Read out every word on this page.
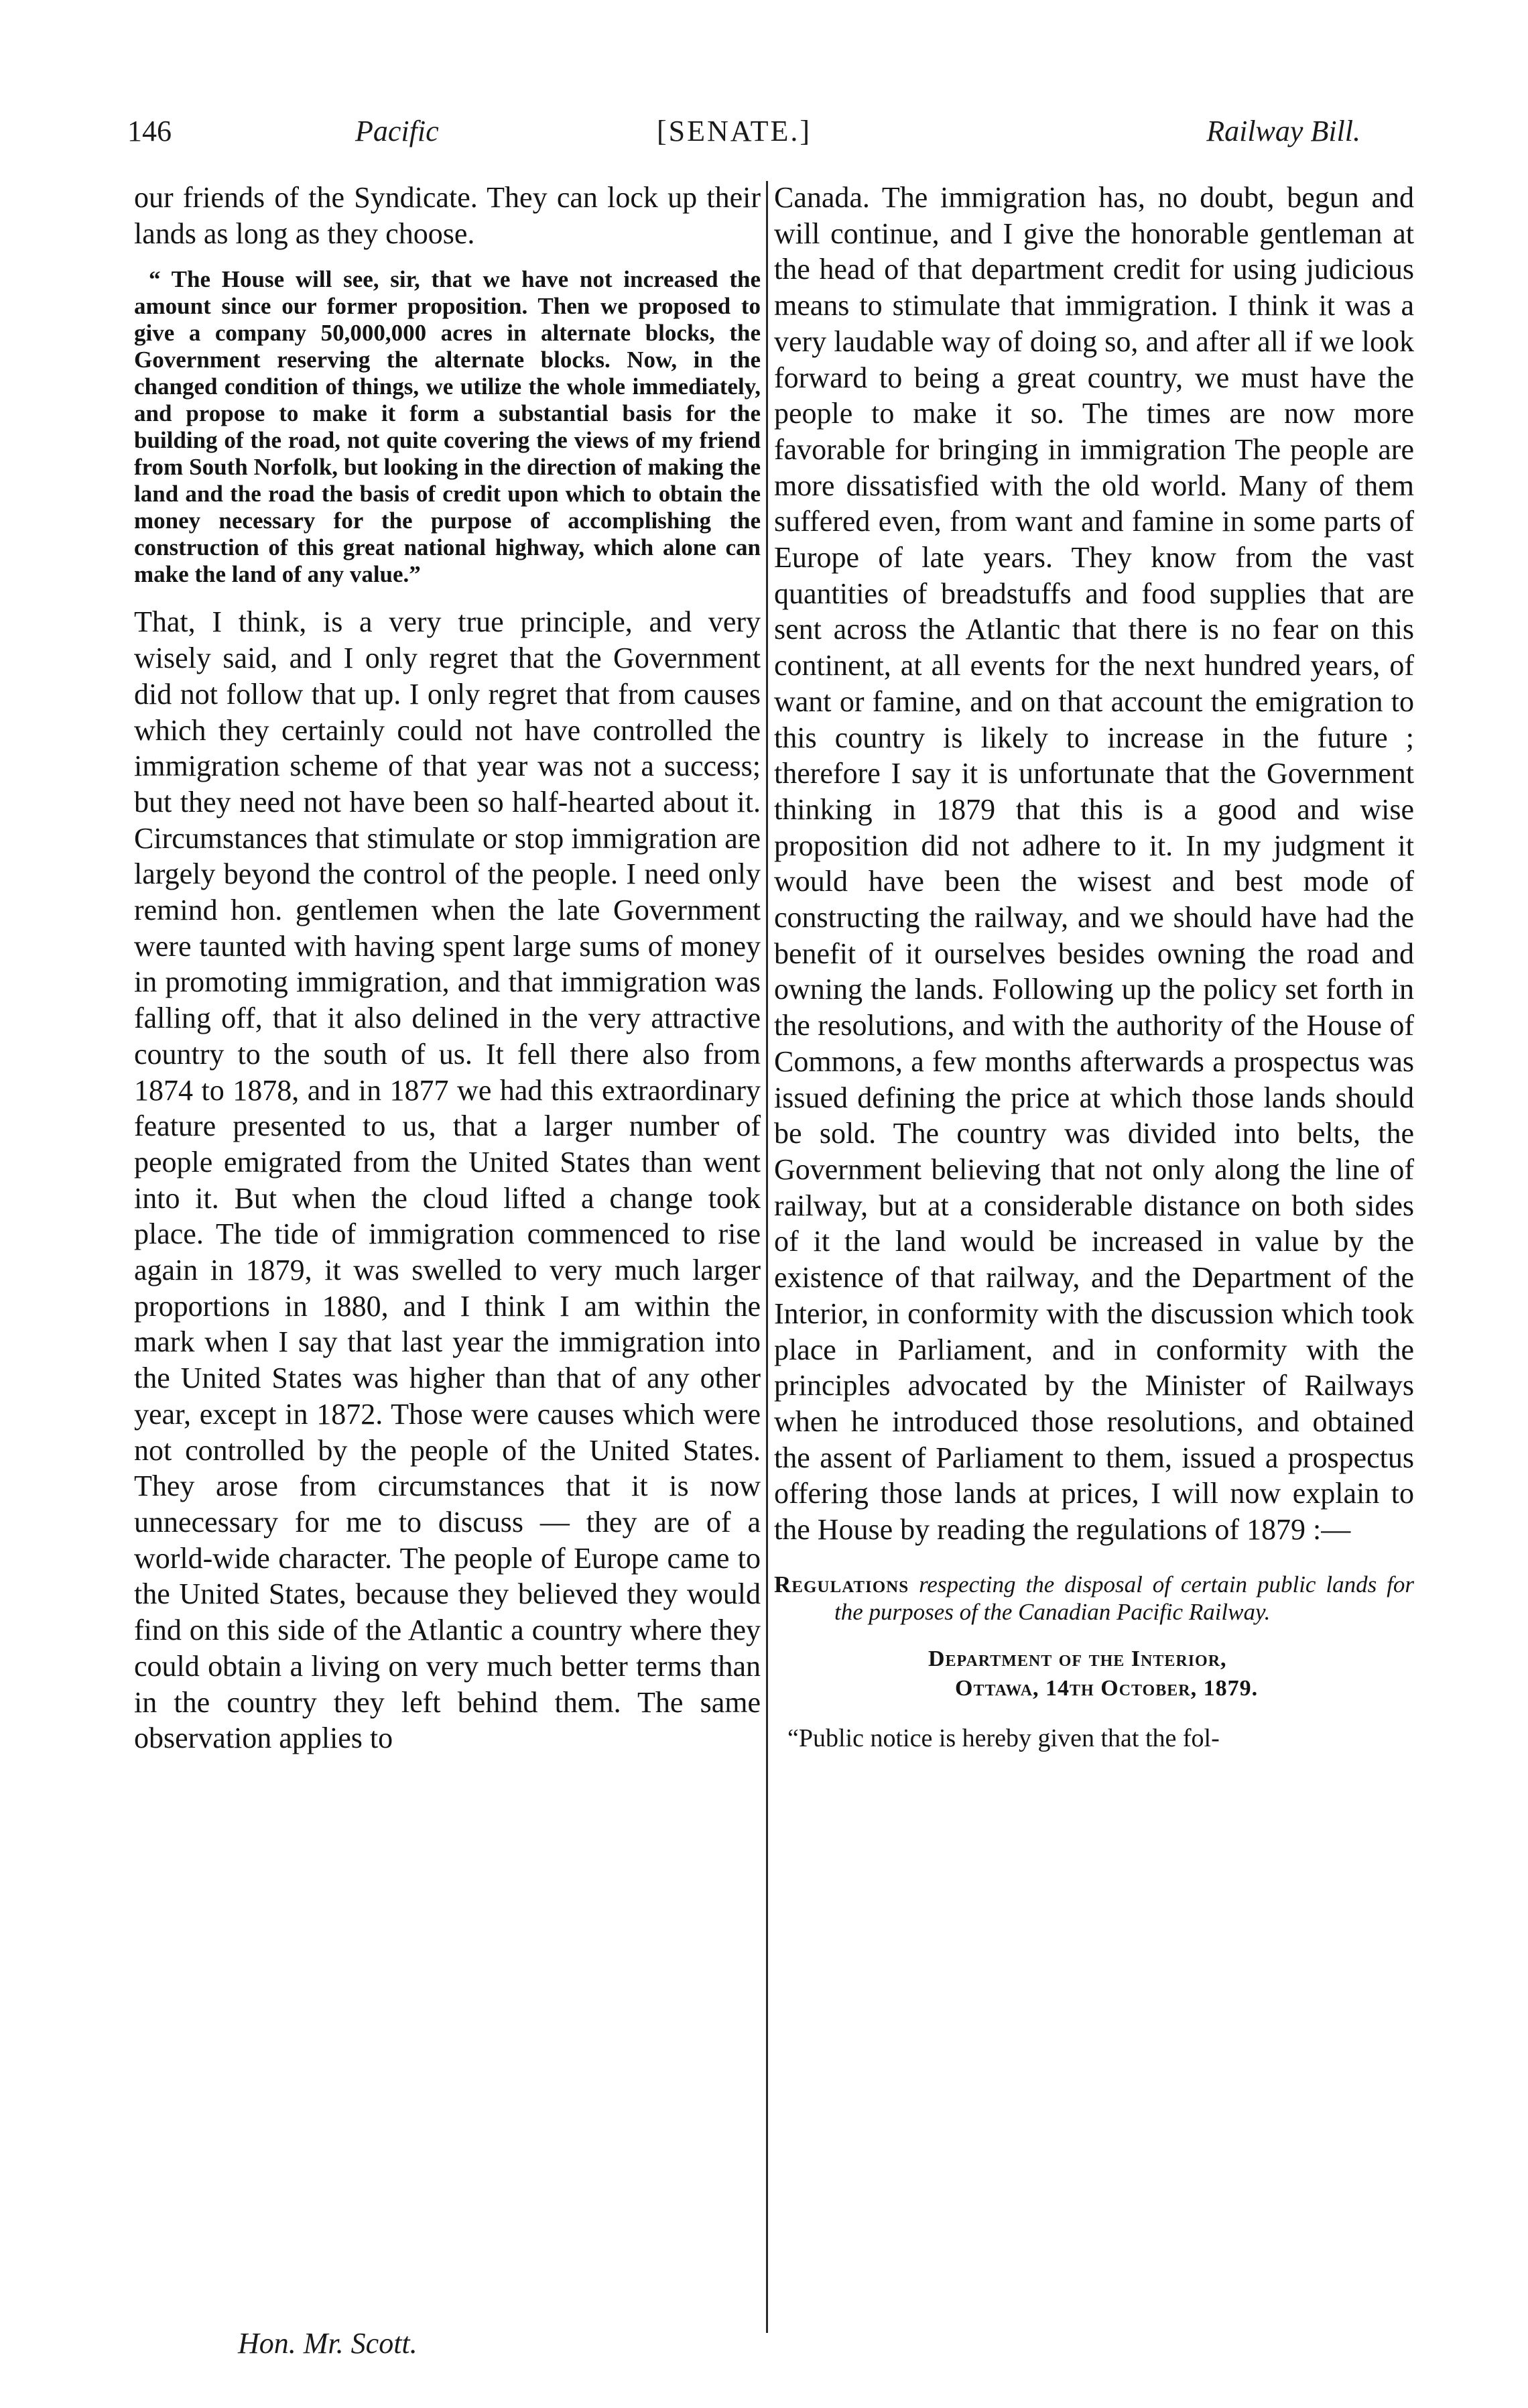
146	Pacific	[SENATE.]	Railway Bill.

our friends of the Syndicate. They can lock up their lands as long as they choose.

“ The House will see, sir, that we have not increased the amount since our former proposition. Then we proposed to give a company 50,000,000 acres in alternate blocks, the Government reserving the alternate blocks. Now, in the changed condition of things, we utilize the whole immediately, and propose to make it form a substantial basis for the building of the road, not quite covering the views of my friend from South Norfolk, but looking in the direction of making the land and the road the basis of credit upon which to obtain the money necessary for the purpose of accomplishing the construction of this great national highway, which alone can make the land of any value.”

That, I think, is a very true principle, and very wisely said, and I only regret that the Government did not follow that up. I only regret that from causes which they certainly could not have controlled the immigration scheme of that year was not a success; but they need not have been so half-hearted about it. Circumstances that stimulate or stop immigration are largely beyond the control of the people. I need only remind hon. gentlemen when the late Government were taunted with having spent large sums of money in promoting immigration, and that immigration was falling off, that it also delined in the very attractive country to the south of us. It fell there also from 1874 to 1878, and in 1877 we had this extraordinary feature presented to us, that a larger number of people emigrated from the United States than went into it. But when the cloud lifted a change took place. The tide of immigration commenced to rise again in 1879, it was swelled to very much larger proportions in 1880, and I think I am within the mark when I say that last year the immigration into the United States was higher than that of any other year, except in 1872. Those were causes which were not controlled by the people of the United States. They arose from circumstances that it is now unnecessary for me to discuss — they are of a world-wide character. The people of Europe came to the United States, because they believed they would find on this side of the Atlantic a country where they could obtain a living on very much better terms than in the country they left behind them. The same observation applies to

Canada. The immigration has, no doubt, begun and will continue, and I give the honorable gentleman at the head of that department credit for using judicious means to stimulate that immigration. I think it was a very laudable way of doing so, and after all if we look forward to being a great country, we must have the people to make it so. The times are now more favorable for bringing in immigration The people are more dissatisfied with the old world. Many of them suffered even, from want and famine in some parts of Europe of late years. They know from the vast quantities of breadstuffs and food supplies that are sent across the Atlantic that there is no fear on this continent, at all events for the next hundred years, of want or famine, and on that account the emigration to this country is likely to increase in the future ; therefore I say it is unfortunate that the Government thinking in 1879 that this is a good and wise proposition did not adhere to it. In my judgment it would have been the wisest and best mode of constructing the railway, and we should have had the benefit of it ourselves besides owning the road and owning the lands. Following up the policy set forth in the resolutions, and with the authority of the House of Commons, a few months afterwards a prospectus was issued defining the price at which those lands should be sold. The country was divided into belts, the Government believing that not only along the line of railway, but at a considerable distance on both sides of it the land would be increased in value by the existence of that railway, and the Department of the Interior, in conformity with the discussion which took place in Parliament, and in conformity with the principles advocated by the Minister of Railways when he introduced those resolutions, and obtained the assent of Parliament to them, issued a prospectus offering those lands at prices, I will now explain to the House by reading the regulations of 1879 :—

Regulations respecting the disposal of certain public lands for the purposes of the Canadian Pacific Railway.

Department of the Interior,

Ottawa, 14th October, 1879.

“Public notice is hereby given that the fol-

Hon. Mr. Scott.
